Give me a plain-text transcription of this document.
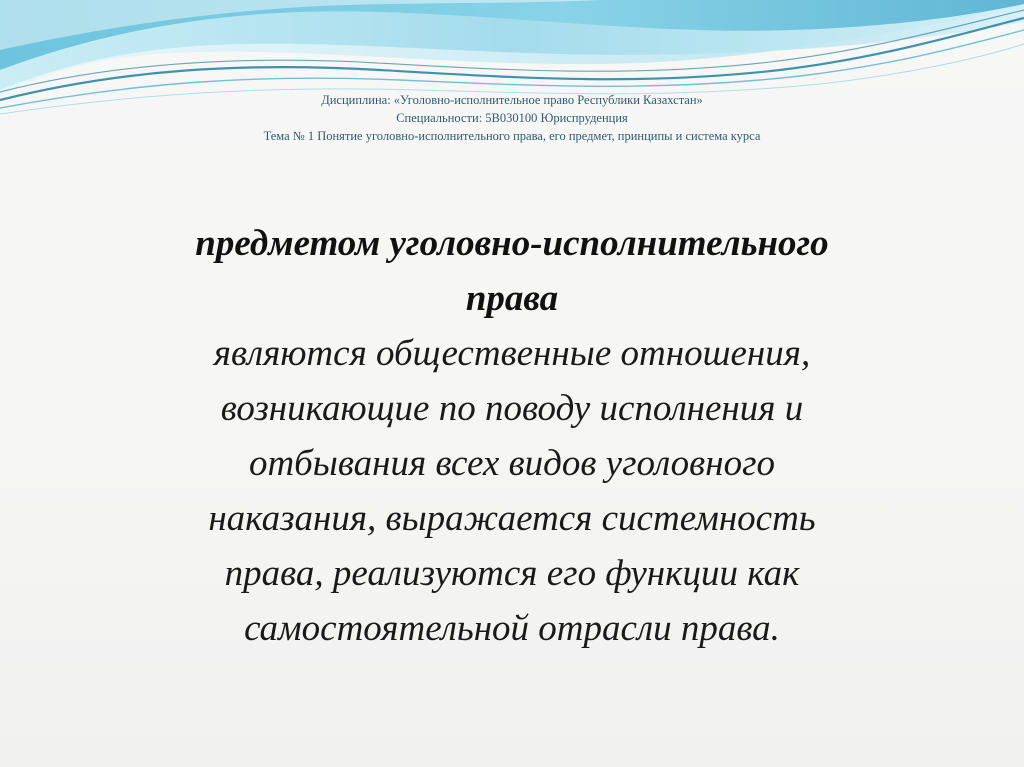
Дисциплина: «Уголовно-исполнительное право Республики Казахстан»
Специальности: 5В030100 Юриспруденция
Тема № 1 Понятие уголовно-исполнительного права, его предмет, принципы и система курса
предметом уголовно-исполнительного
права
являются общественные отношения,
возникающие по поводу исполнения и
отбывания всех видов уголовного
наказания, выражается системность
права, реализуются его функции как
самостоятельной отрасли права.
